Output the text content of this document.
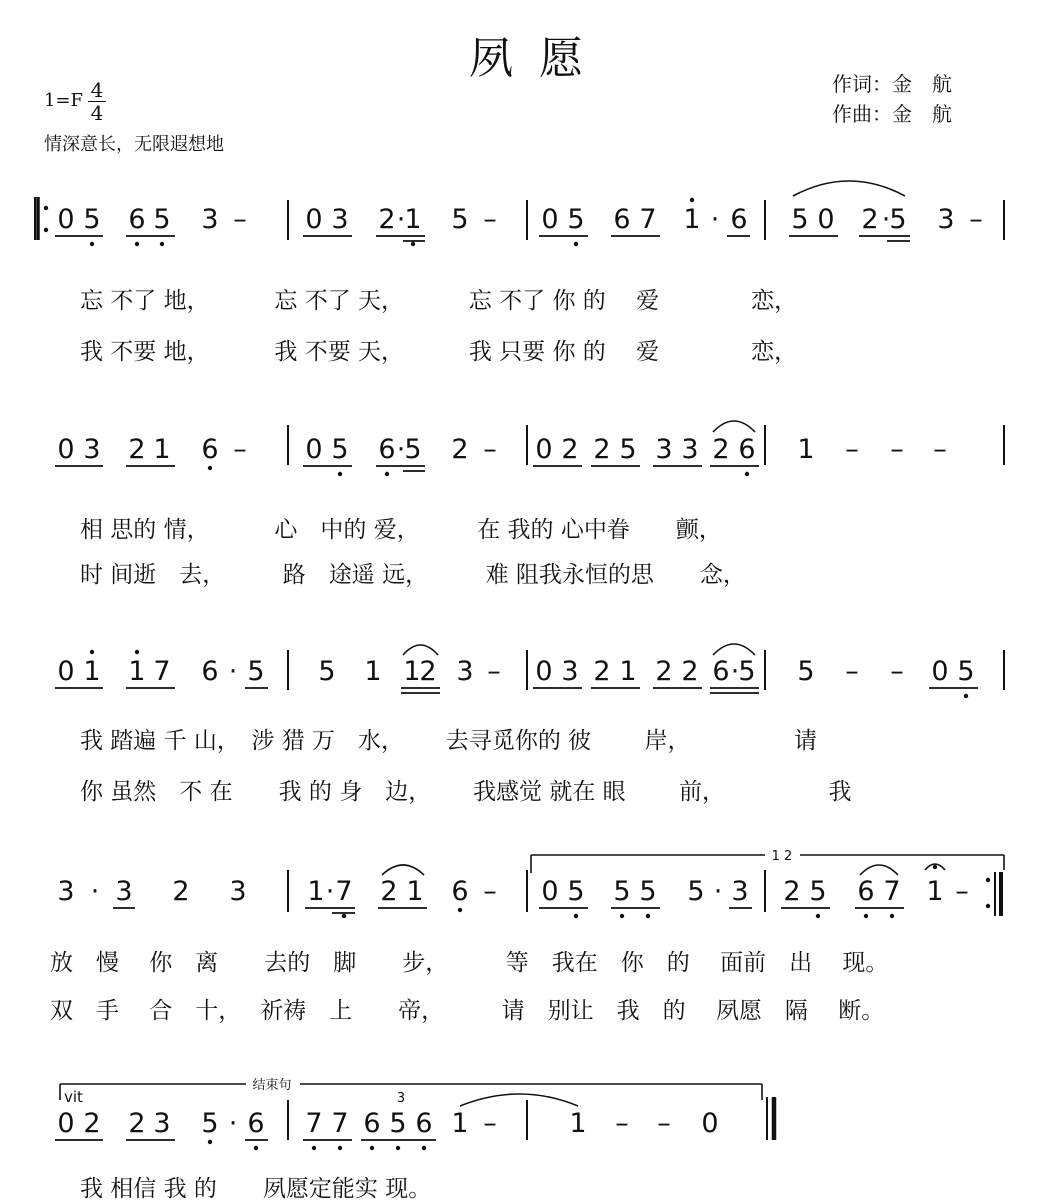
夙 愿	作词：金　航
作曲：金　航
1=F 4
4
情深意长，无限遐想地
0 5 6 5 3 – 0 3 2 · 1 5 – 0 5 6 7 1 · 6 5 0 2 · 5 3 –
0 3 2 1 6 – 0 5 6 · 5 2 – 0 2 2 5 3 3 2 6 1 – – –
0 1 1 7 6 · 5 5 1 1
2 3 – 0 3 2 1 2 2 6 · 5 5 – – 0 5
3 · 3 2 3 1 · 7 2 1 6 – 0 5 5 5 5 · 3 2 5 6 7 1 –
1 2
0 2 2 3 5 · 6 7 7 6 5 6 1 –	1 – – 0
vit
结束句
3
忘 不了 地，　　　 忘 不了 天，　　　 忘 不了 你 的　 爱　　　　恋，
我 不要 地，　　　 我 不要 天，　　　 我 只要 你 的　 爱　　　　恋，
相 思的 情，　　　 心　中的 爱，　　　在 我的 心中眷　　颤，
时 间逝　去，　　　路　途遥 远，　　　难 阻我永恒的思　　念，
我 踏遍 千 山，　涉 猎 万　水，　　 去寻觅你的 彼　　 岸，　　　　　请
你 虽然　不 在　　我 的 身　边，　　 我感觉 就在 眼　　 前，　　　　　我
放　慢　 你　离　　去的　脚　　步，　　　等　我在　你　的　 面前　出　 现。
双　手　 合　十，　 祈祷　上　　帝，　　　请　别让　我　的　 夙愿　隔　 断。
我 相信 我 的　　夙愿定能实 现。
